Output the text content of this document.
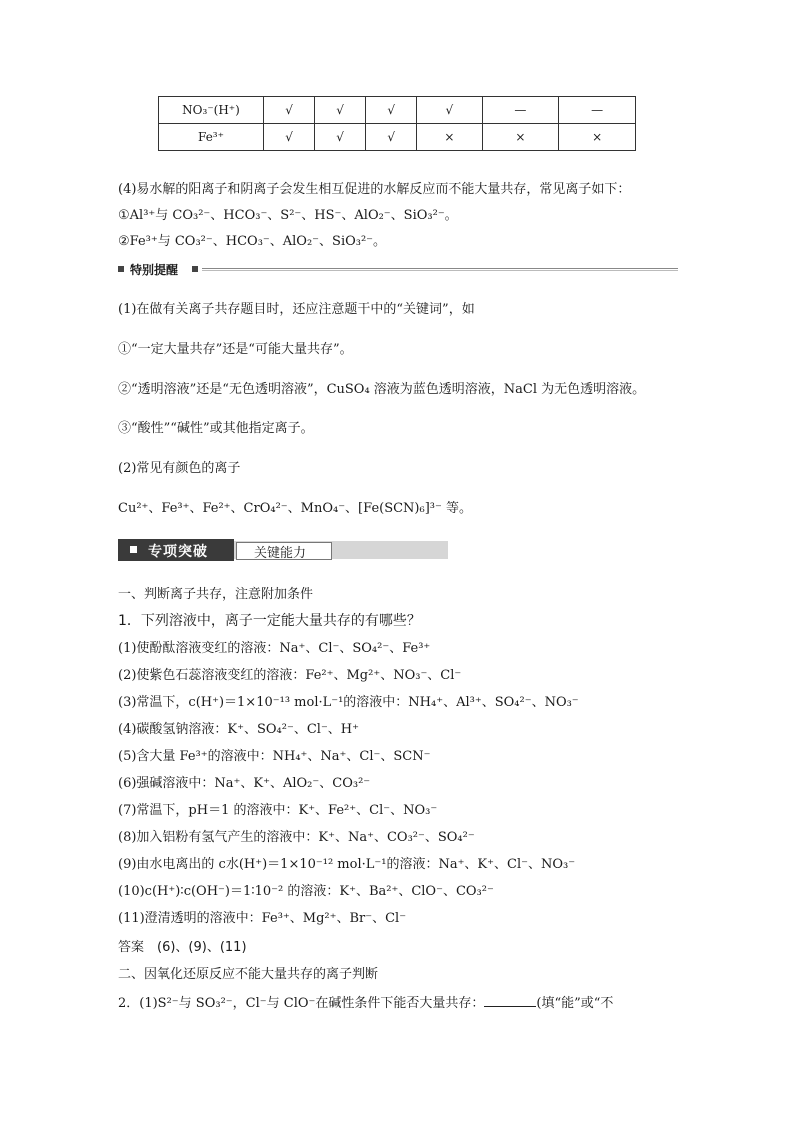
NO₃⁻(H⁺)	√	√	√	√	—	—
Fe³⁺	√	√	√	×	×	×
(4)易水解的阳离子和阴离子会发生相互促进的水解反应而不能大量共存，常见离子如下：
①Al³⁺与 CO₃²⁻、HCO₃⁻、S²⁻、HS⁻、AlO₂⁻、SiO₃²⁻。
②Fe³⁺与 CO₃²⁻、HCO₃⁻、AlO₂⁻、SiO₃²⁻。
特别提醒
(1)在做有关离子共存题目时，还应注意题干中的“关键词”，如
①“一定大量共存”还是“可能大量共存”。
②“透明溶液”还是“无色透明溶液”，CuSO₄ 溶液为蓝色透明溶液，NaCl 为无色透明溶液。
③“酸性”“碱性”或其他指定离子。
(2)常见有颜色的离子
Cu²⁺、Fe³⁺、Fe²⁺、CrO₄²⁻、MnO₄⁻、[Fe(SCN)₆]³⁻ 等。
专项突破	关键能力
一、判断离子共存，注意附加条件
1．下列溶液中，离子一定能大量共存的有哪些？
(1)使酚酞溶液变红的溶液：Na⁺、Cl⁻、SO₄²⁻、Fe³⁺
(2)使紫色石蕊溶液变红的溶液：Fe²⁺、Mg²⁺、NO₃⁻、Cl⁻
(3)常温下，c(H⁺)＝1×10⁻¹³ mol·L⁻¹的溶液中：NH₄⁺、Al³⁺、SO₄²⁻、NO₃⁻
(4)碳酸氢钠溶液：K⁺、SO₄²⁻、Cl⁻、H⁺
(5)含大量 Fe³⁺的溶液中：NH₄⁺、Na⁺、Cl⁻、SCN⁻
(6)强碱溶液中：Na⁺、K⁺、AlO₂⁻、CO₃²⁻
(7)常温下，pH＝1 的溶液中：K⁺、Fe²⁺、Cl⁻、NO₃⁻
(8)加入铝粉有氢气产生的溶液中：K⁺、Na⁺、CO₃²⁻、SO₄²⁻
(9)由水电离出的 c水(H⁺)＝1×10⁻¹² mol·L⁻¹的溶液：Na⁺、K⁺、Cl⁻、NO₃⁻
(10)c(H⁺)∶c(OH⁻)＝1∶10⁻² 的溶液：K⁺、Ba²⁺、ClO⁻、CO₃²⁻
(11)澄清透明的溶液中：Fe³⁺、Mg²⁺、Br⁻、Cl⁻
答案　(6)、(9)、(11)
二、因氧化还原反应不能大量共存的离子判断
2．(1)S²⁻与 SO₃²⁻，Cl⁻与 ClO⁻在碱性条件下能否大量共存：	(填“能”或“不
